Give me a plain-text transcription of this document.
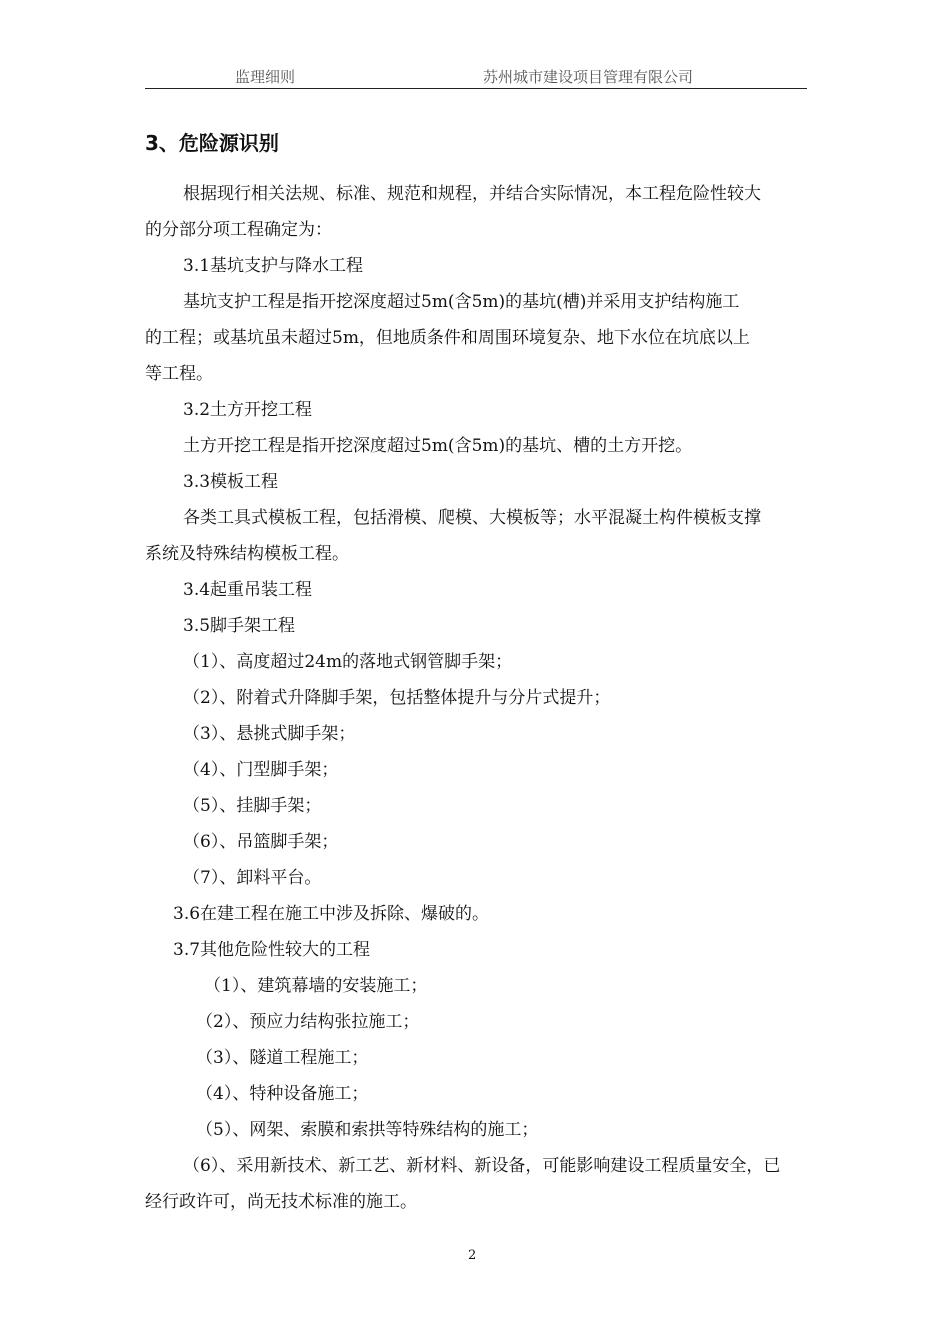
监理细则	苏州城市建设项目管理有限公司
3、危险源识别
根据现行相关法规、标准、规范和规程，并结合实际情况，本工程危险性较大
的分部分项工程确定为：
3.1基坑支护与降水工程
基坑支护工程是指开挖深度超过5m(含5m)的基坑(槽)并采用支护结构施工
的工程；或基坑虽未超过5m，但地质条件和周围环境复杂、地下水位在坑底以上
等工程。
3.2土方开挖工程
土方开挖工程是指开挖深度超过5m(含5m)的基坑、槽的土方开挖。
3.3模板工程
各类工具式模板工程，包括滑模、爬模、大模板等；水平混凝土构件模板支撑
系统及特殊结构模板工程。
3.4起重吊装工程
3.5脚手架工程
（1）、高度超过24m的落地式钢管脚手架；
（2）、附着式升降脚手架，包括整体提升与分片式提升；
（3）、悬挑式脚手架；
（4）、门型脚手架；
（5）、挂脚手架；
（6）、吊篮脚手架；
（7）、卸料平台。
3.6在建工程在施工中涉及拆除、爆破的。
3.7其他危险性较大的工程
（1）、建筑幕墙的安装施工；
（2）、预应力结构张拉施工；
（3）、隧道工程施工；
（4）、特种设备施工；
（5）、网架、索膜和索拱等特殊结构的施工；
（6）、采用新技术、新工艺、新材料、新设备，可能影响建设工程质量安全，已
经行政许可，尚无技术标准的施工。
2
